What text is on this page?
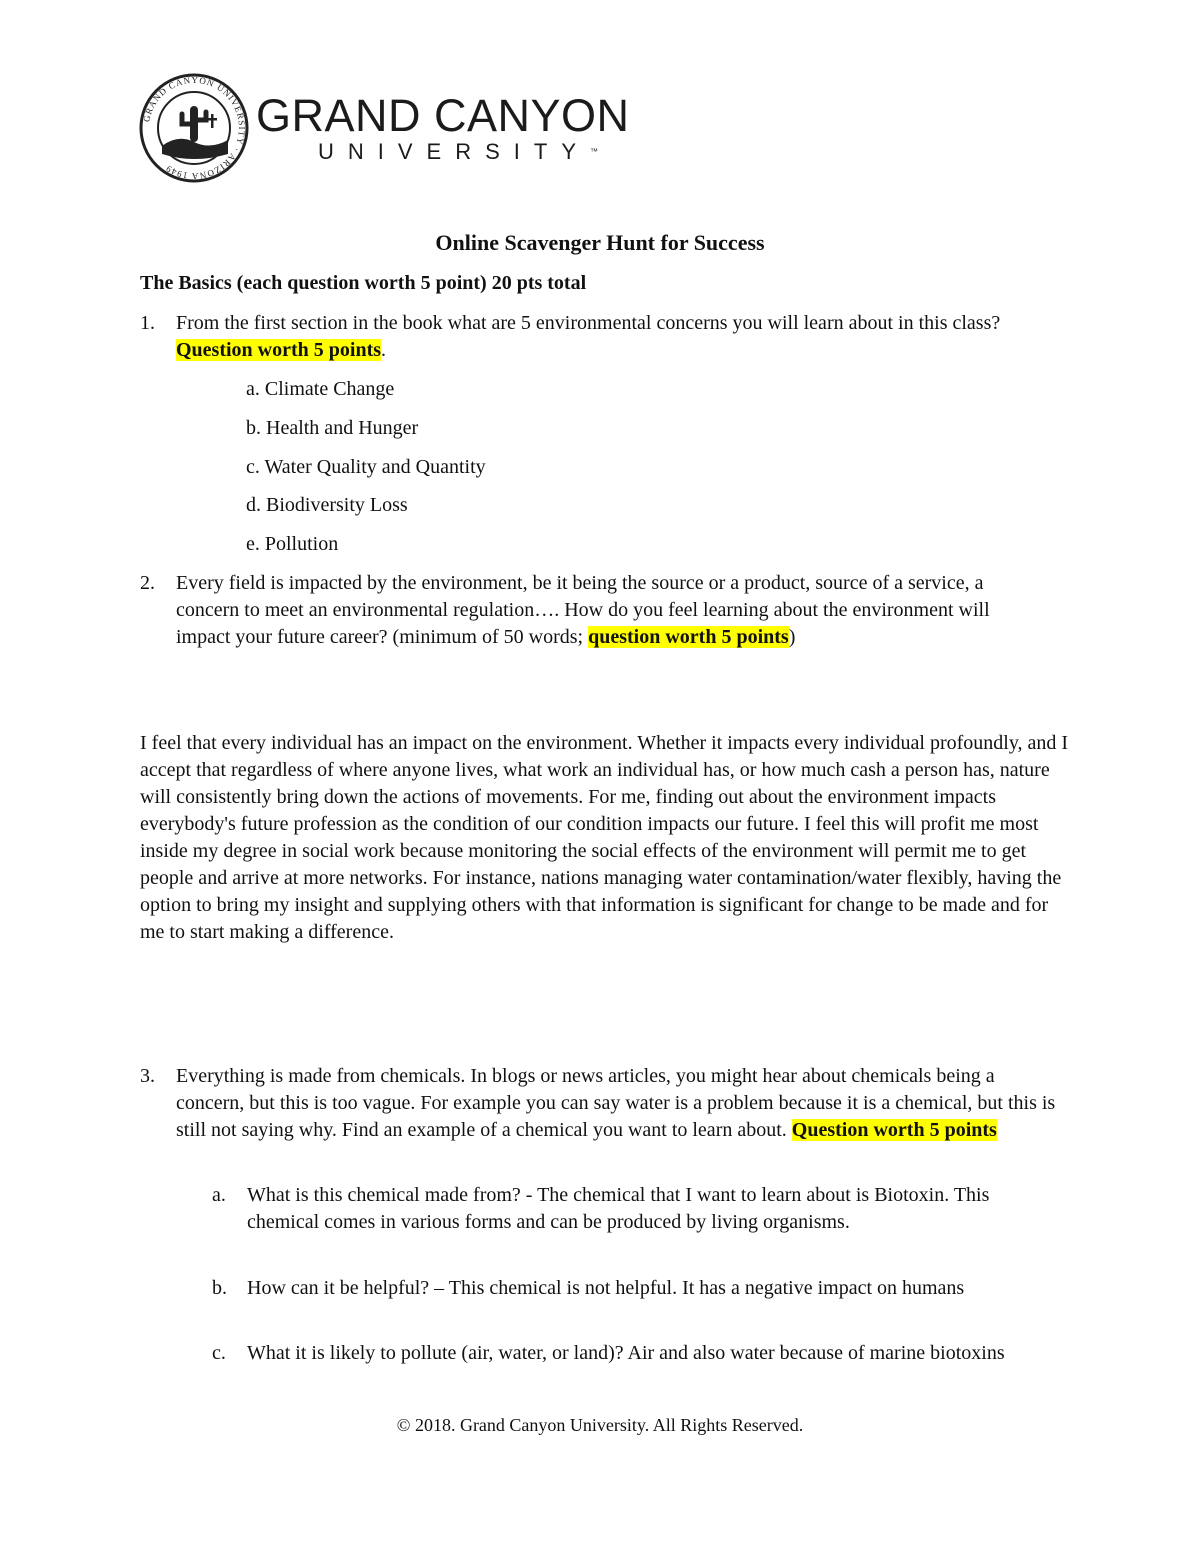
GRAND CANYON UNIVERSITY · ARIZONA 1949
GRAND CANYON
UNIVERSITY™
Online Scavenger Hunt for Success
The Basics (each question worth 5 point) 20 pts total
1.	From the first section in the book what are 5 environmental concerns you will learn about in this class? Question worth 5 points.
a. Climate Change
b. Health and Hunger
c. Water Quality and Quantity
d. Biodiversity Loss
e. Pollution
2.	Every field is impacted by the environment, be it being the source or a product, source of a service, a concern to meet an environmental regulation…. How do you feel learning about the environment will impact your future career? (minimum of 50 words; question worth 5 points)
I feel that every individual has an impact on the environment. Whether it impacts every individual profoundly, and I accept that regardless of where anyone lives, what work an individual has, or how much cash a person has, nature will consistently bring down the actions of movements. For me, finding out about the environment impacts everybody's future profession as the condition of our condition impacts our future. I feel this will profit me most inside my degree in social work because monitoring the social effects of the environment will permit me to get people and arrive at more networks. For instance, nations managing water contamination/water flexibly, having the option to bring my insight and supplying others with that information is significant for change to be made and for me to start making a difference.
3.	Everything is made from chemicals. In blogs or news articles, you might hear about chemicals being a concern, but this is too vague. For example you can say water is a problem because it is a chemical, but this is still not saying why. Find an example of a chemical you want to learn about. Question worth 5 points
a.	What is this chemical made from? - The chemical that I want to learn about is Biotoxin. This chemical comes in various forms and can be produced by living organisms.
b.	How can it be helpful? – This chemical is not helpful. It has a negative impact on humans
c.	What it is likely to pollute (air, water, or land)? Air and also water because of marine biotoxins
© 2018. Grand Canyon University. All Rights Reserved.
